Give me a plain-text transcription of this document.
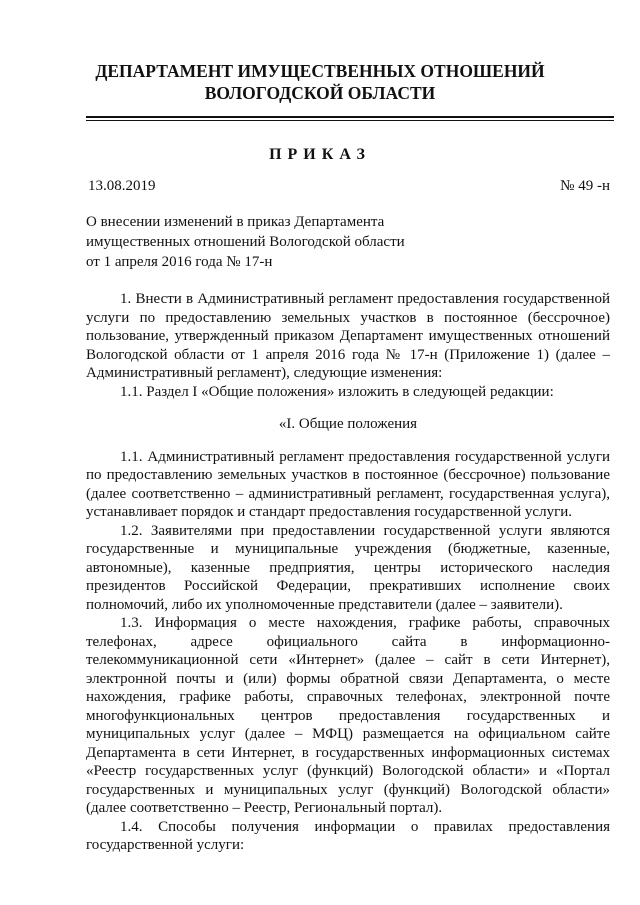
ДЕПАРТАМЕНТ ИМУЩЕСТВЕННЫХ ОТНОШЕНИЙ
ВОЛОГОДСКОЙ ОБЛАСТИ
ПРИКАЗ
13.08.2019	№ 49 -н
О внесении изменений в приказ Департамента имущественных отношений Вологодской области от 1 апреля 2016 года № 17-н

1. Внести в Административный регламент предоставления государственной услуги по предоставлению земельных участков в постоянное (бессрочное) пользование, утвержденный приказом Департамент имущественных отношений Вологодской области от 1 апреля 2016 года № 17-н (Приложение 1) (далее – Административный регламент), следующие изменения:

1.1. Раздел I «Общие положения» изложить в следующей редакции:

«I. Общие положения

1.1. Административный регламент предоставления государственной услуги по предоставлению земельных участков в постоянное (бессрочное) пользование (далее соответственно – административный регламент, государственная услуга), устанавливает порядок и стандарт предоставления государственной услуги.

1.2. Заявителями при предоставлении государственной услуги являются государственные и муниципальные учреждения (бюджетные, казенные, автономные), казенные предприятия, центры исторического наследия президентов Российской Федерации, прекративших исполнение своих полномочий, либо их уполномоченные представители (далее – заявители).

1.3. Информация о месте нахождения, графике работы, справочных телефонах, адресе официального сайта в информационно-телекоммуникационной сети «Интернет» (далее – сайт в сети Интернет), электронной почты и (или) формы обратной связи Департамента, о месте нахождения, графике работы, справочных телефонах, электронной почте многофункциональных центров предоставления государственных и муниципальных услуг (далее – МФЦ) размещается на официальном сайте Департамента в сети Интернет, в государственных информационных системах «Реестр государственных услуг (функций) Вологодской области» и «Портал государственных и муниципальных услуг (функций) Вологодской области» (далее соответственно – Реестр, Региональный портал).

1.4. Способы получения информации о правилах предоставления государственной услуги:
